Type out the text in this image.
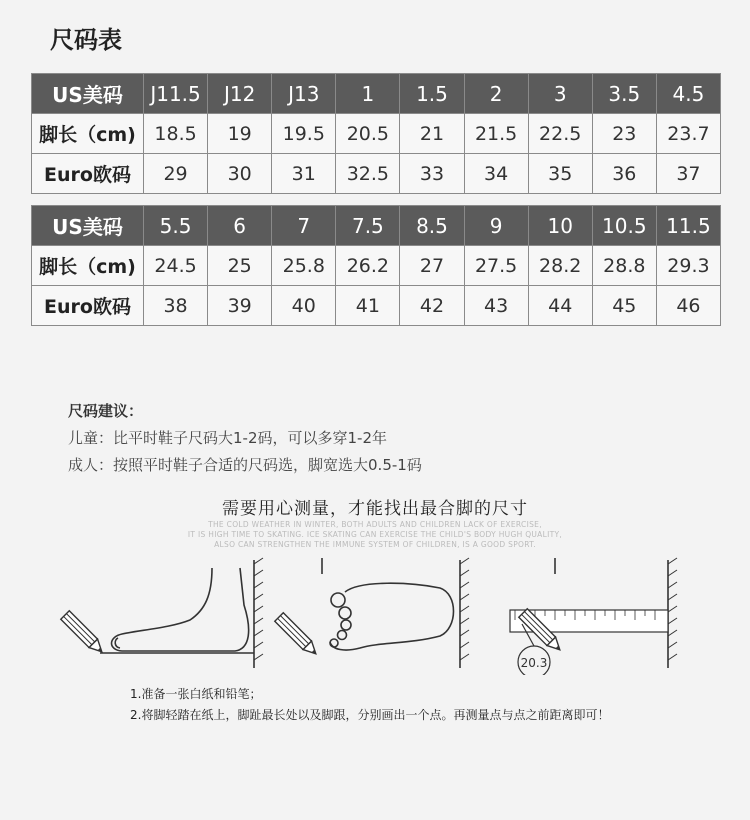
尺码表
US美码	J11.5	J12	J13	1	1.5	2	3	3.5	4.5
脚长（cm)	18.5	19	19.5	20.5	21	21.5	22.5	23	23.7
Euro欧码	29	30	31	32.5	33	34	35	36	37
US美码	5.5	6	7	7.5	8.5	9	10	10.5	11.5
脚长（cm)	24.5	25	25.8	26.2	27	27.5	28.2	28.8	29.3
Euro欧码	38	39	40	41	42	43	44	45	46
尺码建议：
儿童：比平时鞋子尺码大1-2码，可以多穿1-2年
成人：按照平时鞋子合适的尺码选，脚宽选大0.5-1码
需要用心测量，才能找出最合脚的尺寸
THE COLD WEATHER IN WINTER, BOTH ADULTS AND CHILDREN LACK OF EXERCISE,
IT IS HIGH TIME TO SKATING. ICE SKATING CAN EXERCISE THE CHILD'S BODY HUGH QUALITY,
ALSO CAN STRENGTHEN THE IMMUNE SYSTEM OF CHILDREN, IS A GOOD SPORT.
20.3
1.准备一张白纸和铅笔；
2.将脚轻踏在纸上，脚趾最长处以及脚跟，分别画出一个点。再测量点与点之前距离即可！
